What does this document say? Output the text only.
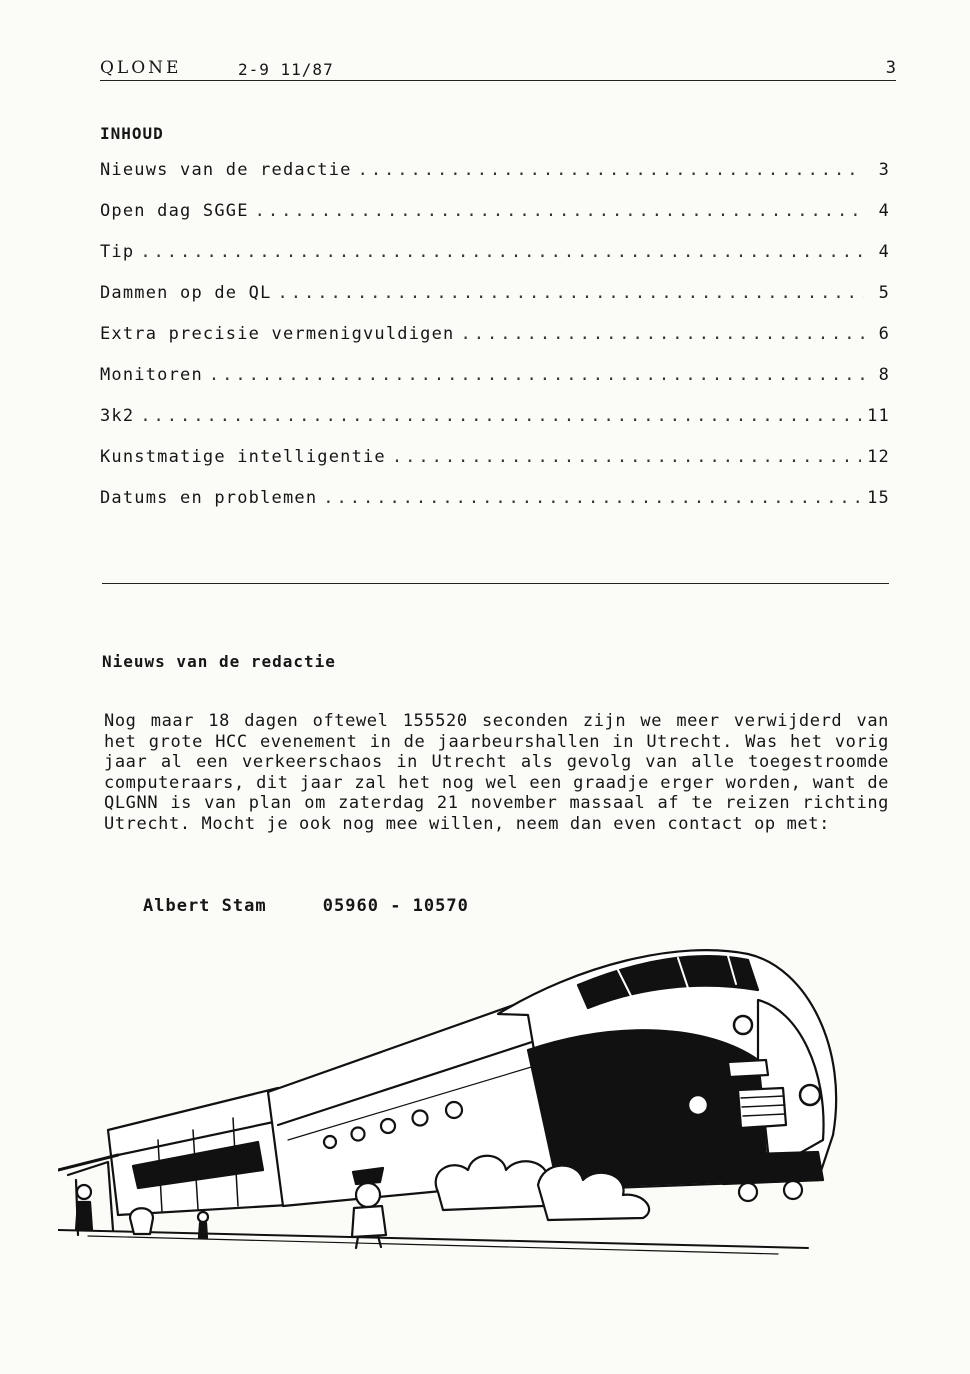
QLONE	2-9 11/87	3
INHOUD
Nieuws van de redactie .....	3
Open dag SGGE .....	4
Tip .....	4
Dammen op de QL .....	5
Extra precisie vermenigvuldigen .....	6
Monitoren .....	8
3k2 .....	11
Kunstmatige intelligentie .....	12
Datums en problemen .....	15
Nieuws van de redactie

Nog maar 18 dagen oftewel 155520 seconden zijn we meer verwijderd van het grote HCC evenement in de jaarbeurshallen in Utrecht. Was het vorig jaar al een verkeerschaos in Utrecht als gevolg van alle toegestroomde computeraars, dit jaar zal het nog wel een graadje erger worden, want de QLGNN is van plan om zaterdag 21 november massaal af te reizen richting Utrecht. Mocht je ook nog mee willen, neem dan even contact op met:

Albert Stam	05960 - 10570
